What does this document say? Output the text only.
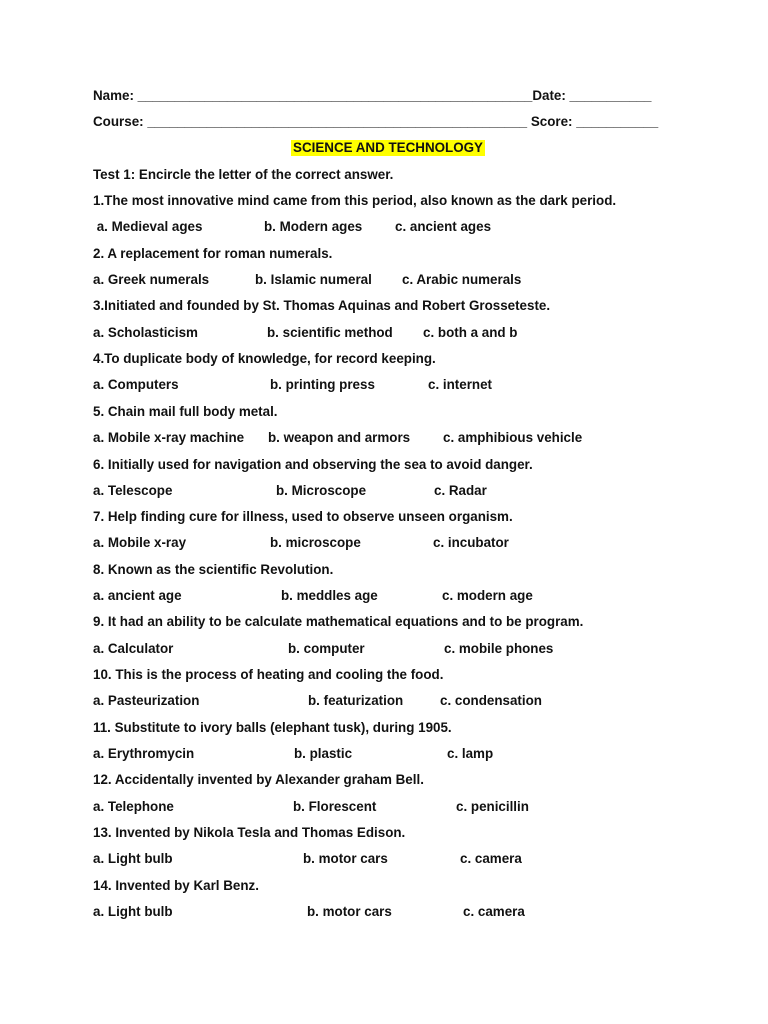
Name: _____________________________________________________Date: ___________
Course: ___________________________________________________ Score: ___________
SCIENCE AND TECHNOLOGY
Test 1: Encircle the letter of the correct answer.
1.The most innovative mind came from this period, also known as the dark period.
a. Medieval ages	b. Modern ages c. ancient ages
2. A replacement for roman numerals.
a. Greek numerals	b. Islamic numeral c. Arabic numerals
3.Initiated and founded by St. Thomas Aquinas and Robert Grosseteste.
a. Scholasticism	b. scientific method c. both a and b
4.To duplicate body of knowledge, for record keeping.
a. Computers	b. printing press	c. internet
5. Chain mail full body metal.
a. Mobile x-ray machine b. weapon and armors c. amphibious vehicle
6. Initially used for navigation and observing the sea to avoid danger.
a. Telescope	b. Microscope	c. Radar
7. Help finding cure for illness, used to observe unseen organism.
a. Mobile x-ray	b. microscope	c. incubator
8. Known as the scientific Revolution.
a. ancient age	b. meddles age	c. modern age
9. It had an ability to be calculate mathematical equations and to be program.
a. Calculator	b. computer	c. mobile phones
10. This is the process of heating and cooling the food.
a. Pasteurization	b. featurization	c. condensation
11. Substitute to ivory balls (elephant tusk), during 1905.
a. Erythromycin	b. plastic	c. lamp
12. Accidentally invented by Alexander graham Bell.
a. Telephone	b. Florescent	c. penicillin
13. Invented by Nikola Tesla and Thomas Edison.
a. Light bulb	b. motor cars	c. camera
14. Invented by Karl Benz.
a. Light bulb	b. motor cars	c. camera
